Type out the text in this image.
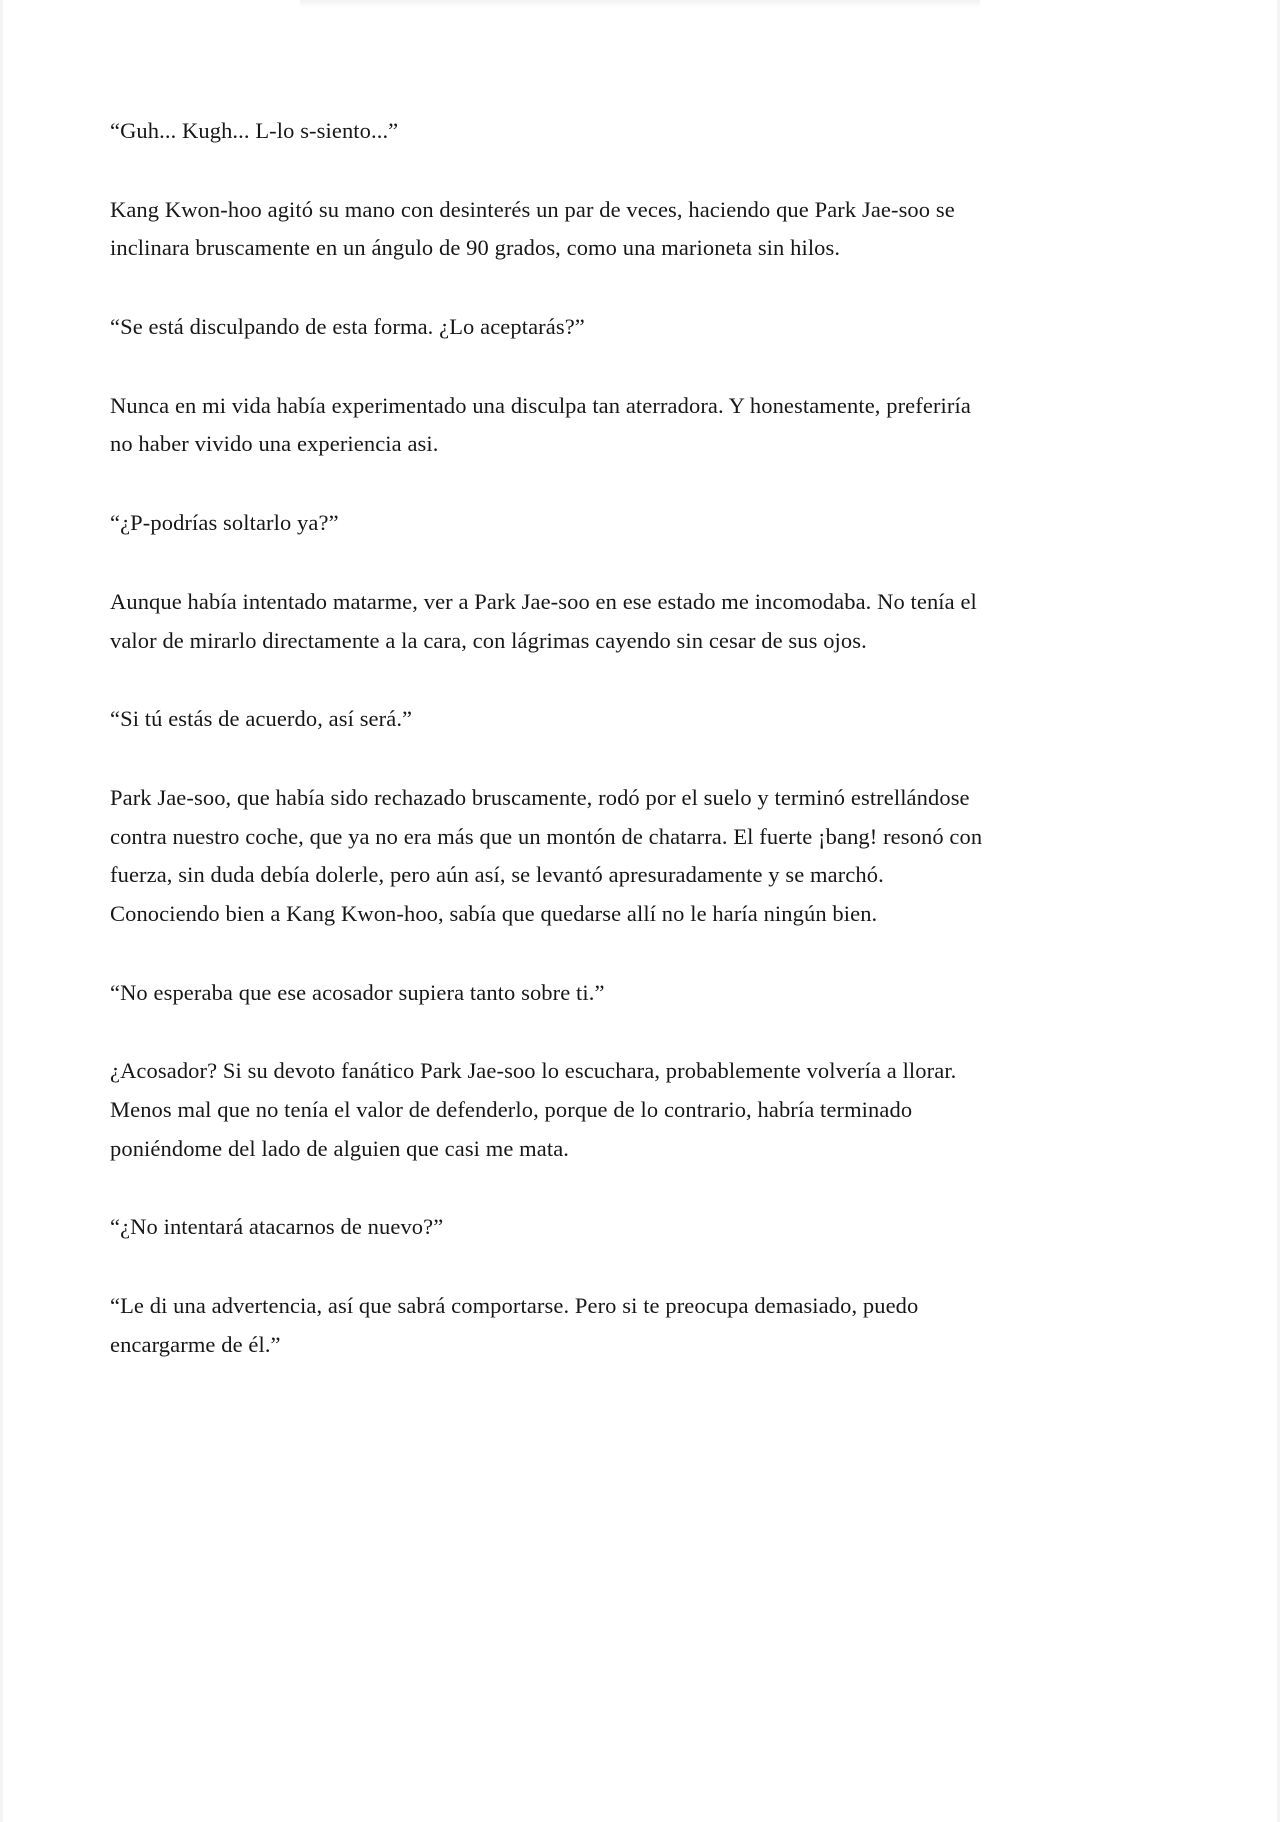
“Guh... Kugh... L-lo s-siento...”

Kang Kwon-hoo agitó su mano con desinterés un par de veces, haciendo que Park Jae-soo se inclinara bruscamente en un ángulo de 90 grados, como una marioneta sin hilos.

“Se está disculpando de esta forma. ¿Lo aceptarás?”

Nunca en mi vida había experimentado una disculpa tan aterradora. Y honestamente, preferiría no haber vivido una experiencia asi.

“¿P-podrías soltarlo ya?”

Aunque había intentado matarme, ver a Park Jae-soo en ese estado me incomodaba. No tenía el valor de mirarlo directamente a la cara, con lágrimas cayendo sin cesar de sus ojos.

“Si tú estás de acuerdo, así será.”

Park Jae-soo, que había sido rechazado bruscamente, rodó por el suelo y terminó estrellándose contra nuestro coche, que ya no era más que un montón de chatarra. El fuerte ¡bang! resonó con fuerza, sin duda debía dolerle, pero aún así, se levantó apresuradamente y se marchó. Conociendo bien a Kang Kwon-hoo, sabía que quedarse allí no le haría ningún bien.

“No esperaba que ese acosador supiera tanto sobre ti.”

¿Acosador? Si su devoto fanático Park Jae-soo lo escuchara, probablemente volvería a llorar. Menos mal que no tenía el valor de defenderlo, porque de lo contrario, habría terminado poniéndome del lado de alguien que casi me mata.

“¿No intentará atacarnos de nuevo?”

“Le di una advertencia, así que sabrá comportarse. Pero si te preocupa demasiado, puedo encargarme de él.”
